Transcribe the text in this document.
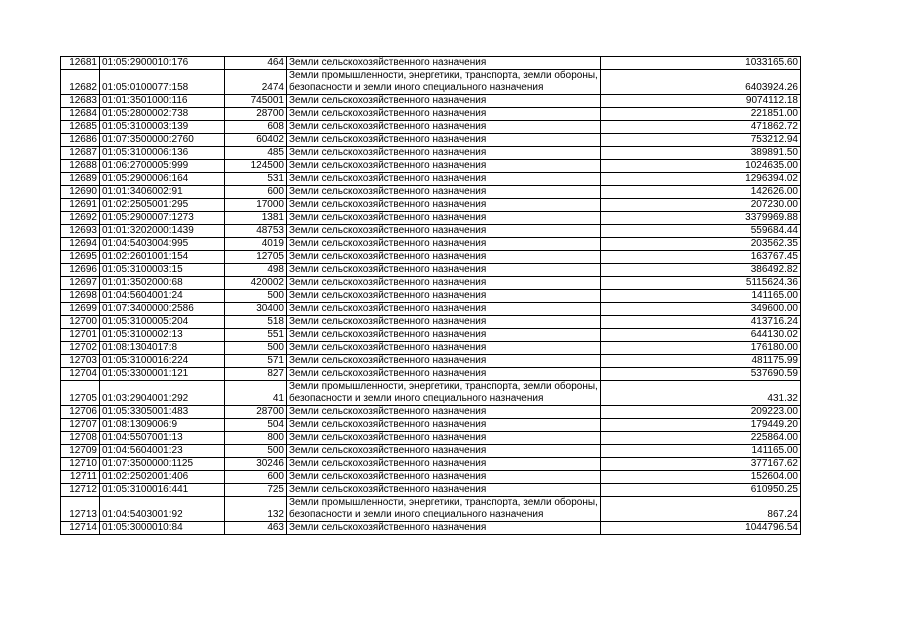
12681	01:05:2900010:176	464	Земли сельскохозяйственного назначения	1033165.60
12682	01:05:0100077:158	2474	Земли промышленности, энергетики, транспорта, земли обороны, безопасности и земли иного специального назначения	6403924.26
12683	01:01:3501000:116	745001	Земли сельскохозяйственного назначения	9074112.18
12684	01:05:2800002:738	28700	Земли сельскохозяйственного назначения	221851.00
12685	01:05:3100003:139	608	Земли сельскохозяйственного назначения	471862.72
12686	01:07:3500000:2760	60402	Земли сельскохозяйственного назначения	753212.94
12687	01:05:3100006:136	485	Земли сельскохозяйственного назначения	389891.50
12688	01:06:2700005:999	124500	Земли сельскохозяйственного назначения	1024635.00
12689	01:05:2900006:164	531	Земли сельскохозяйственного назначения	1296394.02
12690	01:01:3406002:91	600	Земли сельскохозяйственного назначения	142626.00
12691	01:02:2505001:295	17000	Земли сельскохозяйственного назначения	207230.00
12692	01:05:2900007:1273	1381	Земли сельскохозяйственного назначения	3379969.88
12693	01:01:3202000:1439	48753	Земли сельскохозяйственного назначения	559684.44
12694	01:04:5403004:995	4019	Земли сельскохозяйственного назначения	203562.35
12695	01:02:2601001:154	12705	Земли сельскохозяйственного назначения	163767.45
12696	01:05:3100003:15	498	Земли сельскохозяйственного назначения	386492.82
12697	01:01:3502000:68	420002	Земли сельскохозяйственного назначения	5115624.36
12698	01:04:5604001:24	500	Земли сельскохозяйственного назначения	141165.00
12699	01:07:3400000:2586	30400	Земли сельскохозяйственного назначения	349600.00
12700	01:05:3100005:204	518	Земли сельскохозяйственного назначения	413716.24
12701	01:05:3100002:13	551	Земли сельскохозяйственного назначения	644130.02
12702	01:08:1304017:8	500	Земли сельскохозяйственного назначения	176180.00
12703	01:05:3100016:224	571	Земли сельскохозяйственного назначения	481175.99
12704	01:05:3300001:121	827	Земли сельскохозяйственного назначения	537690.59
12705	01:03:2904001:292	41	Земли промышленности, энергетики, транспорта, земли обороны, безопасности и земли иного специального назначения	431.32
12706	01:05:3305001:483	28700	Земли сельскохозяйственного назначения	209223.00
12707	01:08:1309006:9	504	Земли сельскохозяйственного назначения	179449.20
12708	01:04:5507001:13	800	Земли сельскохозяйственного назначения	225864.00
12709	01:04:5604001:23	500	Земли сельскохозяйственного назначения	141165.00
12710	01:07:3500000:1125	30246	Земли сельскохозяйственного назначения	377167.62
12711	01:02:2502001:406	600	Земли сельскохозяйственного назначения	152604.00
12712	01:05:3100016:441	725	Земли сельскохозяйственного назначения	610950.25
12713	01:04:5403001:92	132	Земли промышленности, энергетики, транспорта, земли обороны, безопасности и земли иного специального назначения	867.24
12714	01:05:3000010:84	463	Земли сельскохозяйственного назначения	1044796.54
